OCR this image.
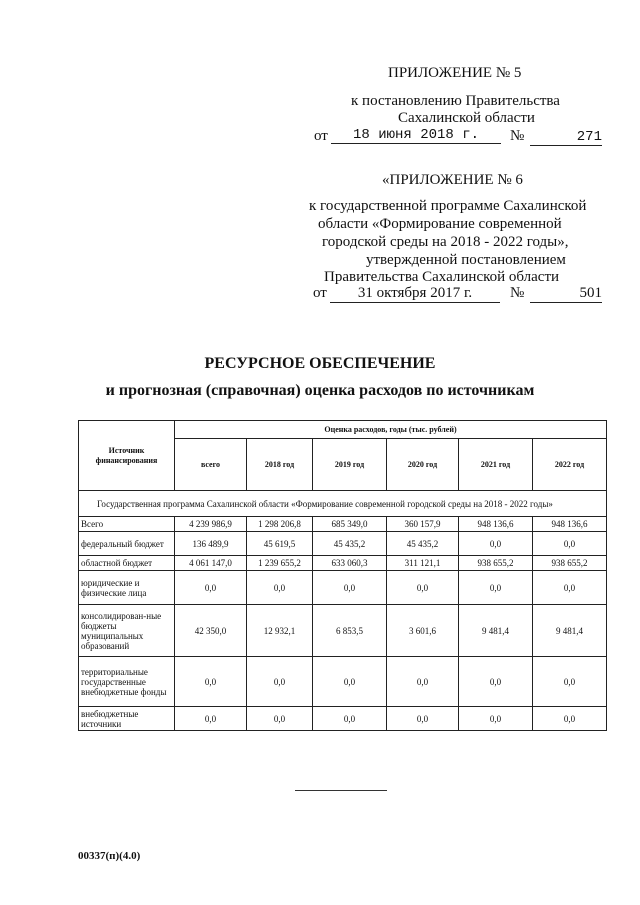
ПРИЛОЖЕНИЕ № 5
к постановлению Правительства
Сахалинской области
от	18 июня 2018 г.	№	271
«ПРИЛОЖЕНИЕ № 6
к государственной программе Сахалинской
области «Формирование современной
городской среды на 2018 - 2022 годы»,
утвержденной постановлением
Правительства Сахалинской области
от	31 октября 2017 г.	№	501
РЕСУРСНОЕ ОБЕСПЕЧЕНИЕ
и прогнозная (справочная) оценка расходов по источникам
Источник финансирования	Оценка расходов, годы (тыс. рублей)					
	всего	2018 год	2019 год	2020 год	2021 год	2022 год
Государственная программа Сахалинской области «Формирование современной городской среды на 2018 - 2022 годы»						
Всего	4 239 986,9	1 298 206,8	685 349,0	360 157,9	948 136,6	948 136,6
федеральный бюджет	136 489,9	45 619,5	45 435,2	45 435,2	0,0	0,0
областной бюджет	4 061 147,0	1 239 655,2	633 060,3	311 121,1	938 655,2	938 655,2
юридические и физические лица	0,0	0,0	0,0	0,0	0,0	0,0
консолидирован-ные бюджеты муниципальных образований	42 350,0	12 932,1	6 853,5	3 601,6	9 481,4	9 481,4
территориальные государственные внебюджетные фонды	0,0	0,0	0,0	0,0	0,0	0,0
внебюджетные источники	0,0	0,0	0,0	0,0	0,0	0,0
00337(п)(4.0)
